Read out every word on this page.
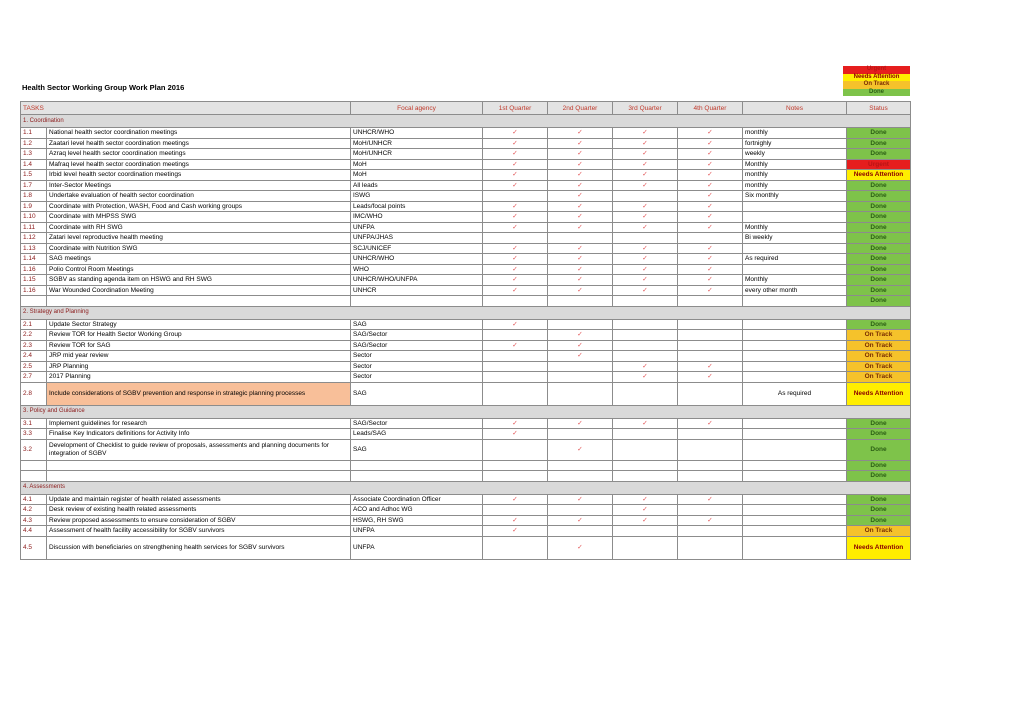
Urgent
Needs Attention
On Track
Done
Health Sector Working Group Work Plan 2016
TASKS		Focal agency	1st Quarter	2nd Quarter	3rd Quarter	4th Quarter	Notes	Status
1. Coordination								
1.1	National health sector coordination meetings	UNHCR/WHO	✓	✓	✓	✓	monthly	Done
1.2	Zaatari level health sector coordination meetings	MoH/UNHCR	✓	✓	✓	✓	fortnighly	Done
1.3	Azraq level health sector coordination meetings	MoH/UNHCR	✓	✓	✓	✓	weekly	Done
1.4	Mafraq level health sector coordination meetings	MoH	✓	✓	✓	✓	Monthly	Urgent
1.5	Irbid level health sector coordination meetings	MoH	✓	✓	✓	✓	monthly	Needs Attention
1.7	Inter-Sector Meetings	All leads	✓	✓	✓	✓	monthly	Done
1.8	Undertake evaluation of health sector coordination	ISWG		✓		✓	Six monthly	Done
1.9	Coordinate with Protection, WASH, Food and Cash working groups	Leads/focal points	✓	✓	✓	✓		Done
1.10	Coordinate with MHPSS SWG	IMC/WHO	✓	✓	✓	✓		Done
1.11	Coordinate with RH SWG	UNFPA	✓	✓	✓	✓	Monthly	Done
1.12	Zatari level reproductive health meeting	UNFPA/JHAS					Bi weekly	Done
1.13	Coordinate with Nutrition SWG	SCJ/UNICEF	✓	✓	✓	✓		Done
1.14	SAG meetings	UNHCR/WHO	✓	✓	✓	✓	As required	Done
1.16	Polio Control Room Meetings	WHO	✓	✓	✓	✓		Done
1.15	SGBV as standing agenda item on HSWG and RH SWG	UNHCR/WHO/UNFPA	✓	✓	✓	✓	Monthly	Done
1.16	War Wounded Coordination Meeting	UNHCR	✓	✓	✓	✓	every other month	Done
								Done
2. Strategy and Planning								
2.1	Update Sector Strategy	SAG	✓					Done
2.2	Review TOR for Health Sector Working Group	SAG/Sector		✓				On Track
2.3	Review TOR for SAG	SAG/Sector	✓	✓				On Track
2.4	JRP mid year review	Sector		✓				On Track
2.5	JRP Planning	Sector			✓	✓		On Track
2.7	2017 Planning	Sector			✓	✓		On Track
2.8	Include considerations of SGBV prevention and response in strategic planning processes	SAG					As required	Needs Attention
3. Policy and Guidance								
3.1	Implement guidelines for research	SAG/Sector	✓	✓	✓	✓		Done
3.3	Finalise Key Indicators definitions for Activity Info	Leads/SAG	✓					Done
3.2	Development of Checklist to guide review of proposals, assessments and planning documents for integration of SGBV	SAG		✓				Done
								Done
								Done
4. Assessments								
4.1	Update and maintain register of health related assessments	Associate Coordination Officer	✓	✓	✓	✓		Done
4.2	Desk review of existing health related assessments	ACO and Adhoc WG			✓			Done
4.3	Review proposed assessments to ensure consideration of SGBV	HSWG, RH SWG	✓	✓	✓	✓		Done
4.4	Assessment of health facility accessibility for SGBV survivors	UNFPA	✓					On Track
4.5	Discussion with beneficiaries on strengthening health services for SGBV survivors	UNFPA		✓				Needs Attention
